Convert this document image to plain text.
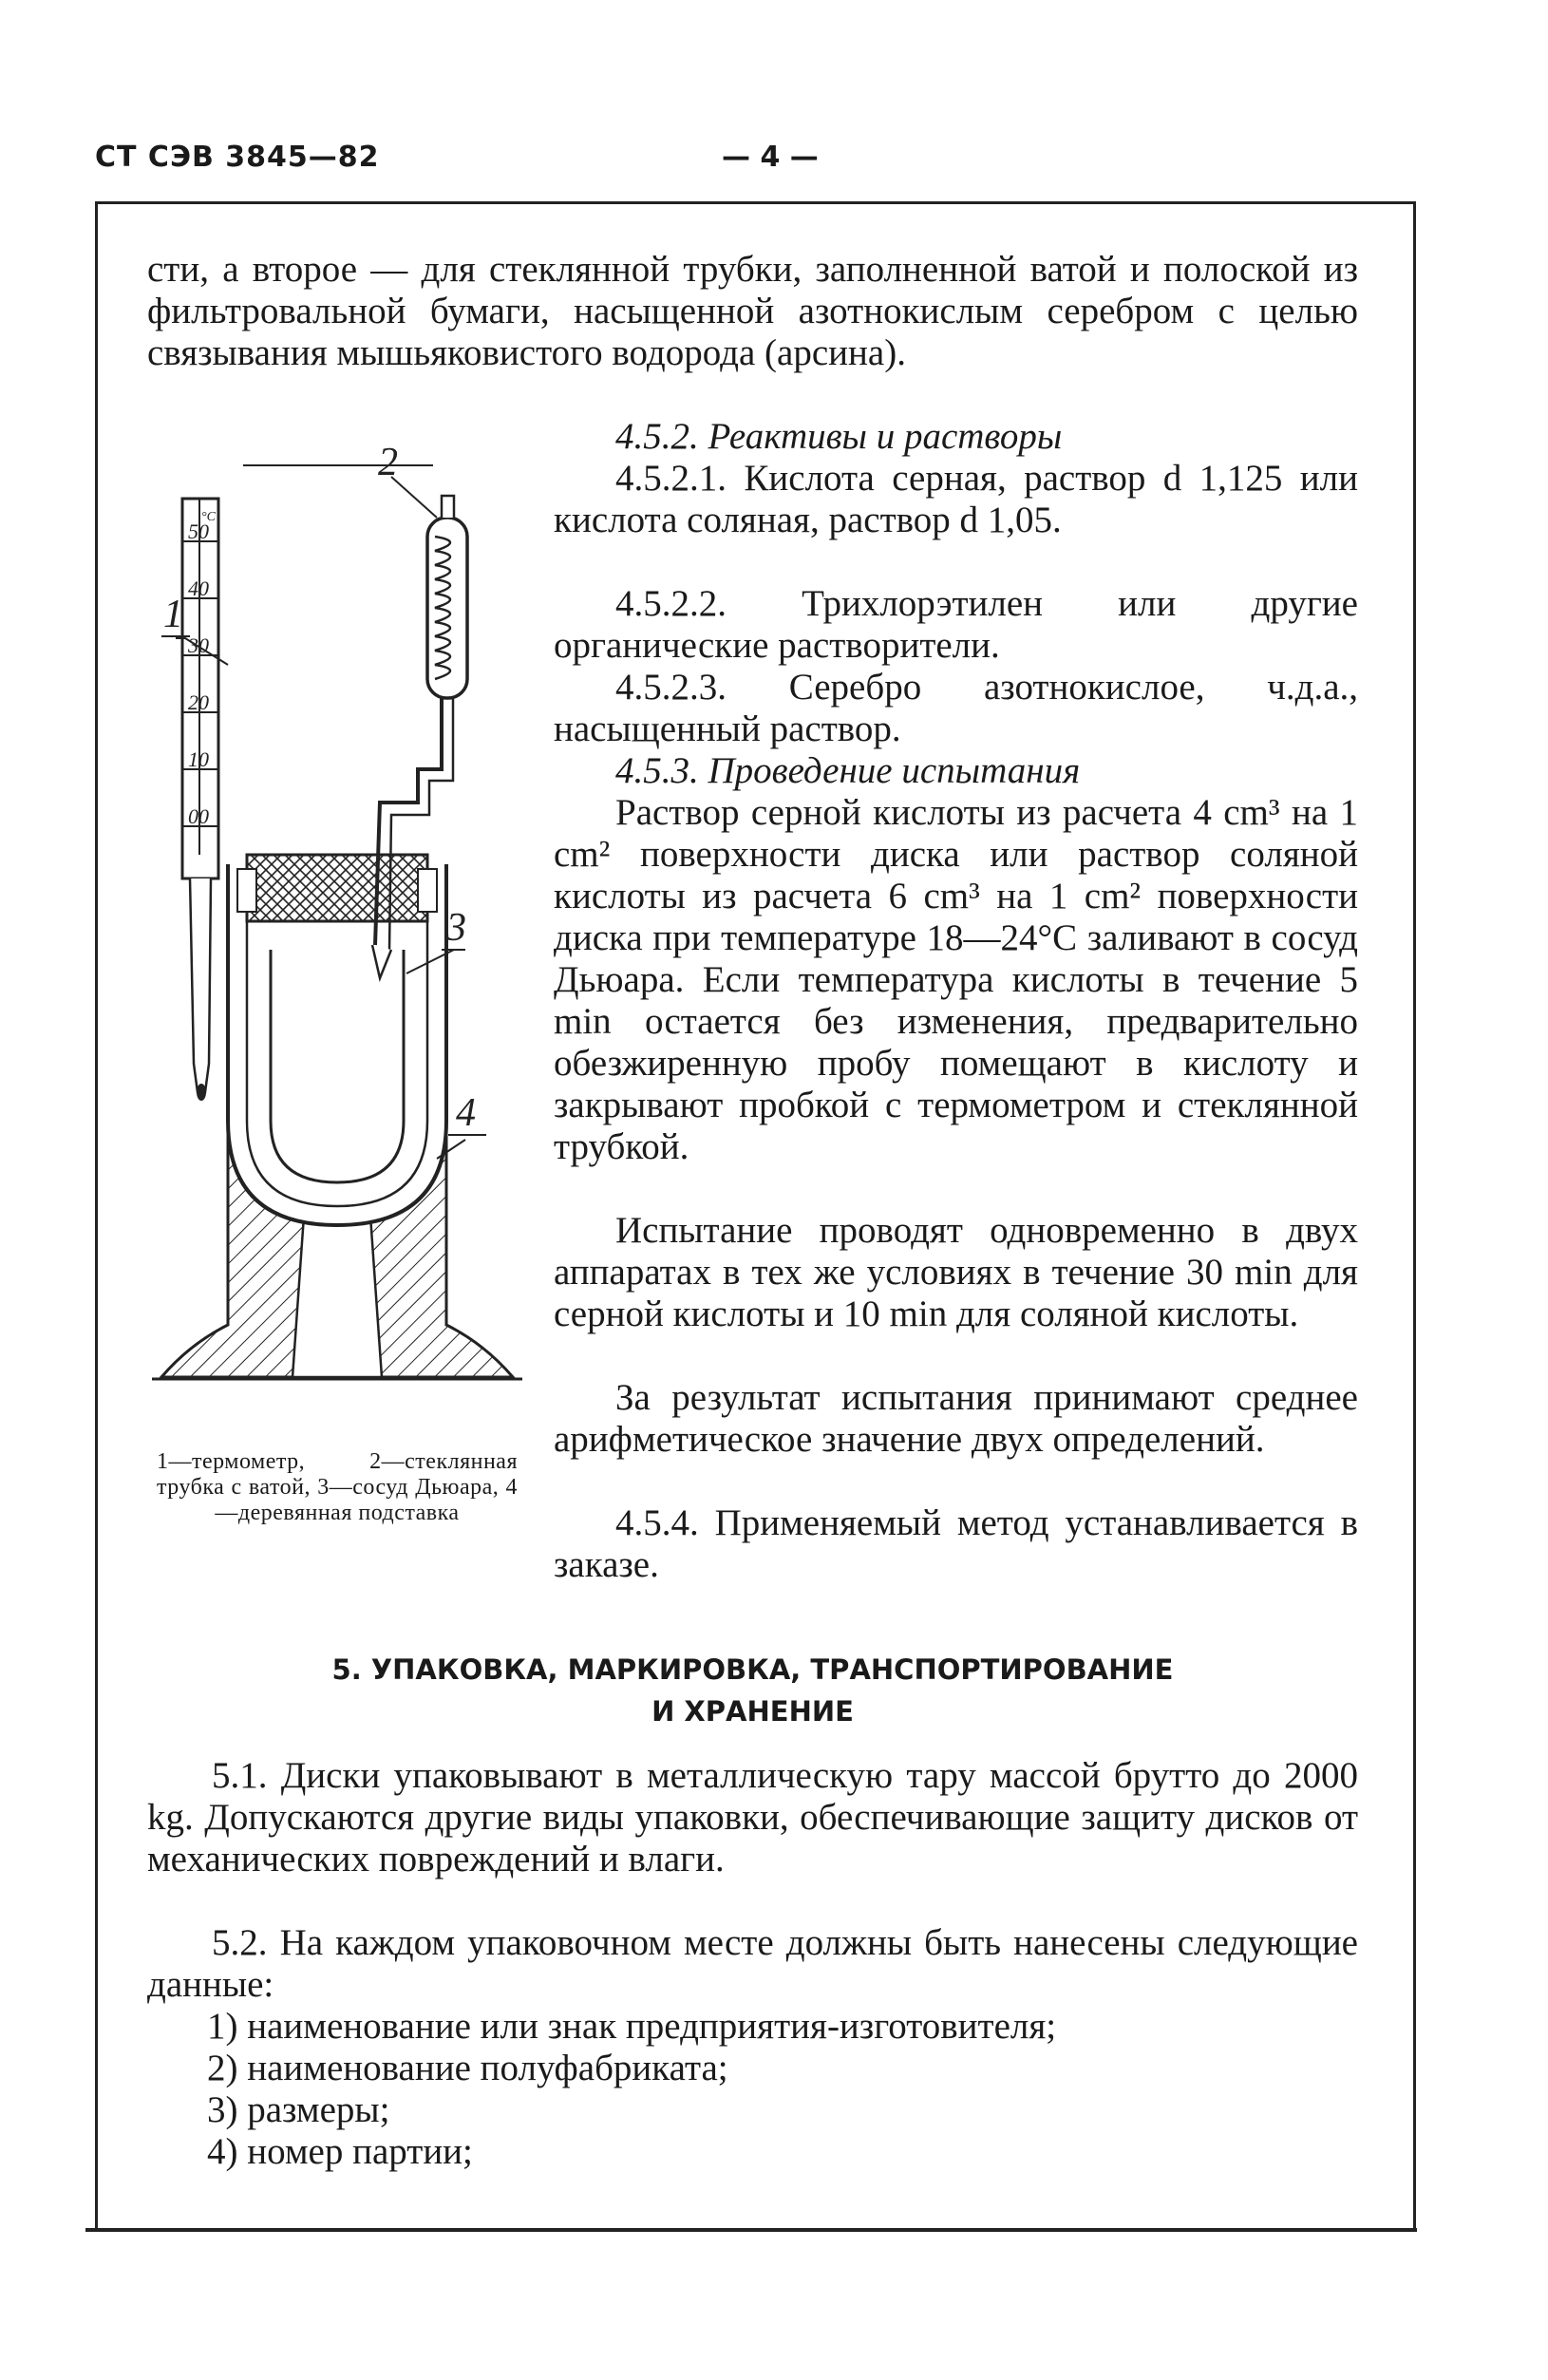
СТ СЭВ 3845—82	— 4 —

сти, а второе — для стеклянной трубки, заполненной ватой и полоской из фильтровальной бумаги, насыщенной азотнокислым серебром с целью связывания мышьяковистого водорода (арсина).

4.5.2. Реактивы и растворы

4.5.2.1. Кислота серная, раствор d 1,125 или кислота соляная, раствор d 1,05.

4.5.2.2. Трихлорэтилен или другие органические растворители.

4.5.2.3. Серебро азотнокислое, ч.д.а., насыщенный раствор.

4.5.3. Проведение испытания

Раствор серной кислоты из расчета 4 cm³ на 1 cm² поверхности диска или раствор соляной кислоты из расчета 6 cm³ на 1 cm² поверхности диска при температуре 18—24°С заливают в сосуд Дьюара. Если температура кислоты в течение 5 min остается без изменения, предварительно обезжиренную пробу помещают в кислоту и закрывают пробкой с термометром и стеклянной трубкой.

Испытание проводят одновременно в двух аппаратах в тех же условиях в течение 30 min для серной кислоты и 10 min для соляной кислоты.

За результат испытания принимают среднее арифметическое значение двух определений.

4.5.4. Применяемый метод устанавливается в заказе.

°C
50
40
30
20
10
00
2
1
3
4

1—термометр, 2—стеклянная трубка с ватой, 3—сосуд Дьюара, 4—деревянная подставка

5. УПАКОВКА, МАРКИРОВКА, ТРАНСПОРТИРОВАНИЕ
И ХРАНЕНИЕ

5.1. Диски упаковывают в металлическую тару массой брутто до 2000 kg. Допускаются другие виды упаковки, обеспечивающие защиту дисков от механических повреждений и влаги.

5.2. На каждом упаковочном месте должны быть нанесены следующие данные:

1) наименование или знак предприятия-изготовителя;
2) наименование полуфабриката;
3) размеры;
4) номер партии;
